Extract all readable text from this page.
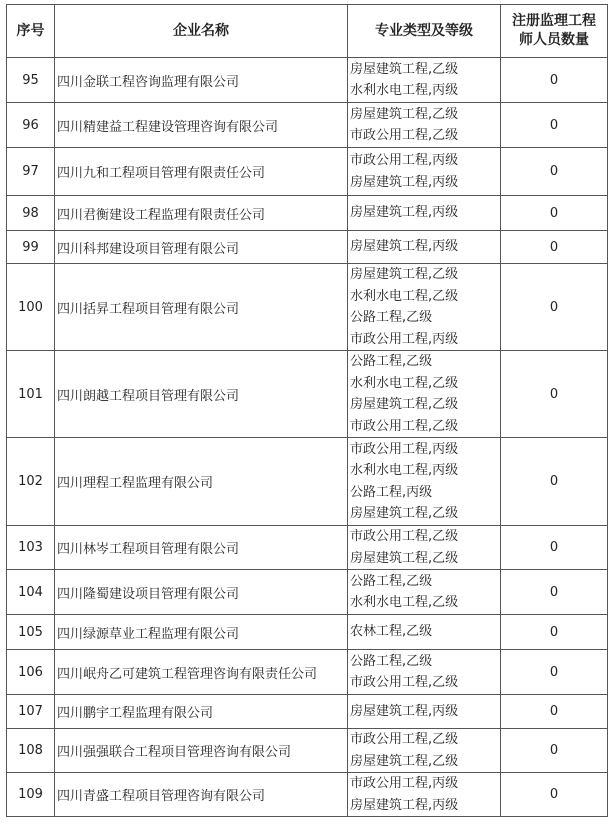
序号	企业名称	专业类型及等级	注册监理工程
师人员数量

95	四川金联工程咨询监理有限公司	房屋建筑工程,乙级
水利水电工程,丙级	0
96	四川精建益工程建设管理咨询有限公司	房屋建筑工程,乙级
市政公用工程,乙级	0
97	四川九和工程项目管理有限责任公司	市政公用工程,丙级
房屋建筑工程,丙级	0
98	四川君衡建设工程监理有限责任公司	房屋建筑工程,丙级	0
99	四川科邦建设项目管理有限公司	房屋建筑工程,丙级	0
100	四川括昇工程项目管理有限公司	房屋建筑工程,乙级
水利水电工程,乙级
公路工程,乙级
市政公用工程,丙级	0
101	四川朗越工程项目管理有限公司	公路工程,乙级
水利水电工程,乙级
房屋建筑工程,乙级
市政公用工程,乙级	0
102	四川理程工程监理有限公司	市政公用工程,丙级
水利水电工程,丙级
公路工程,丙级
房屋建筑工程,乙级	0
103	四川林岑工程项目管理有限公司	市政公用工程,乙级
房屋建筑工程,乙级	0
104	四川隆蜀建设项目管理有限公司	公路工程,乙级
水利水电工程,乙级	0
105	四川绿源草业工程监理有限公司	农林工程,乙级	0
106	四川岷舟乙可建筑工程管理咨询有限责任公司	公路工程,乙级
市政公用工程,乙级	0
107	四川鹏宇工程监理有限公司	房屋建筑工程,丙级	0
108	四川强强联合工程项目管理咨询有限公司	市政公用工程,乙级
房屋建筑工程,乙级	0
109	四川青盛工程项目管理咨询有限公司	市政公用工程,丙级
房屋建筑工程,丙级	0
